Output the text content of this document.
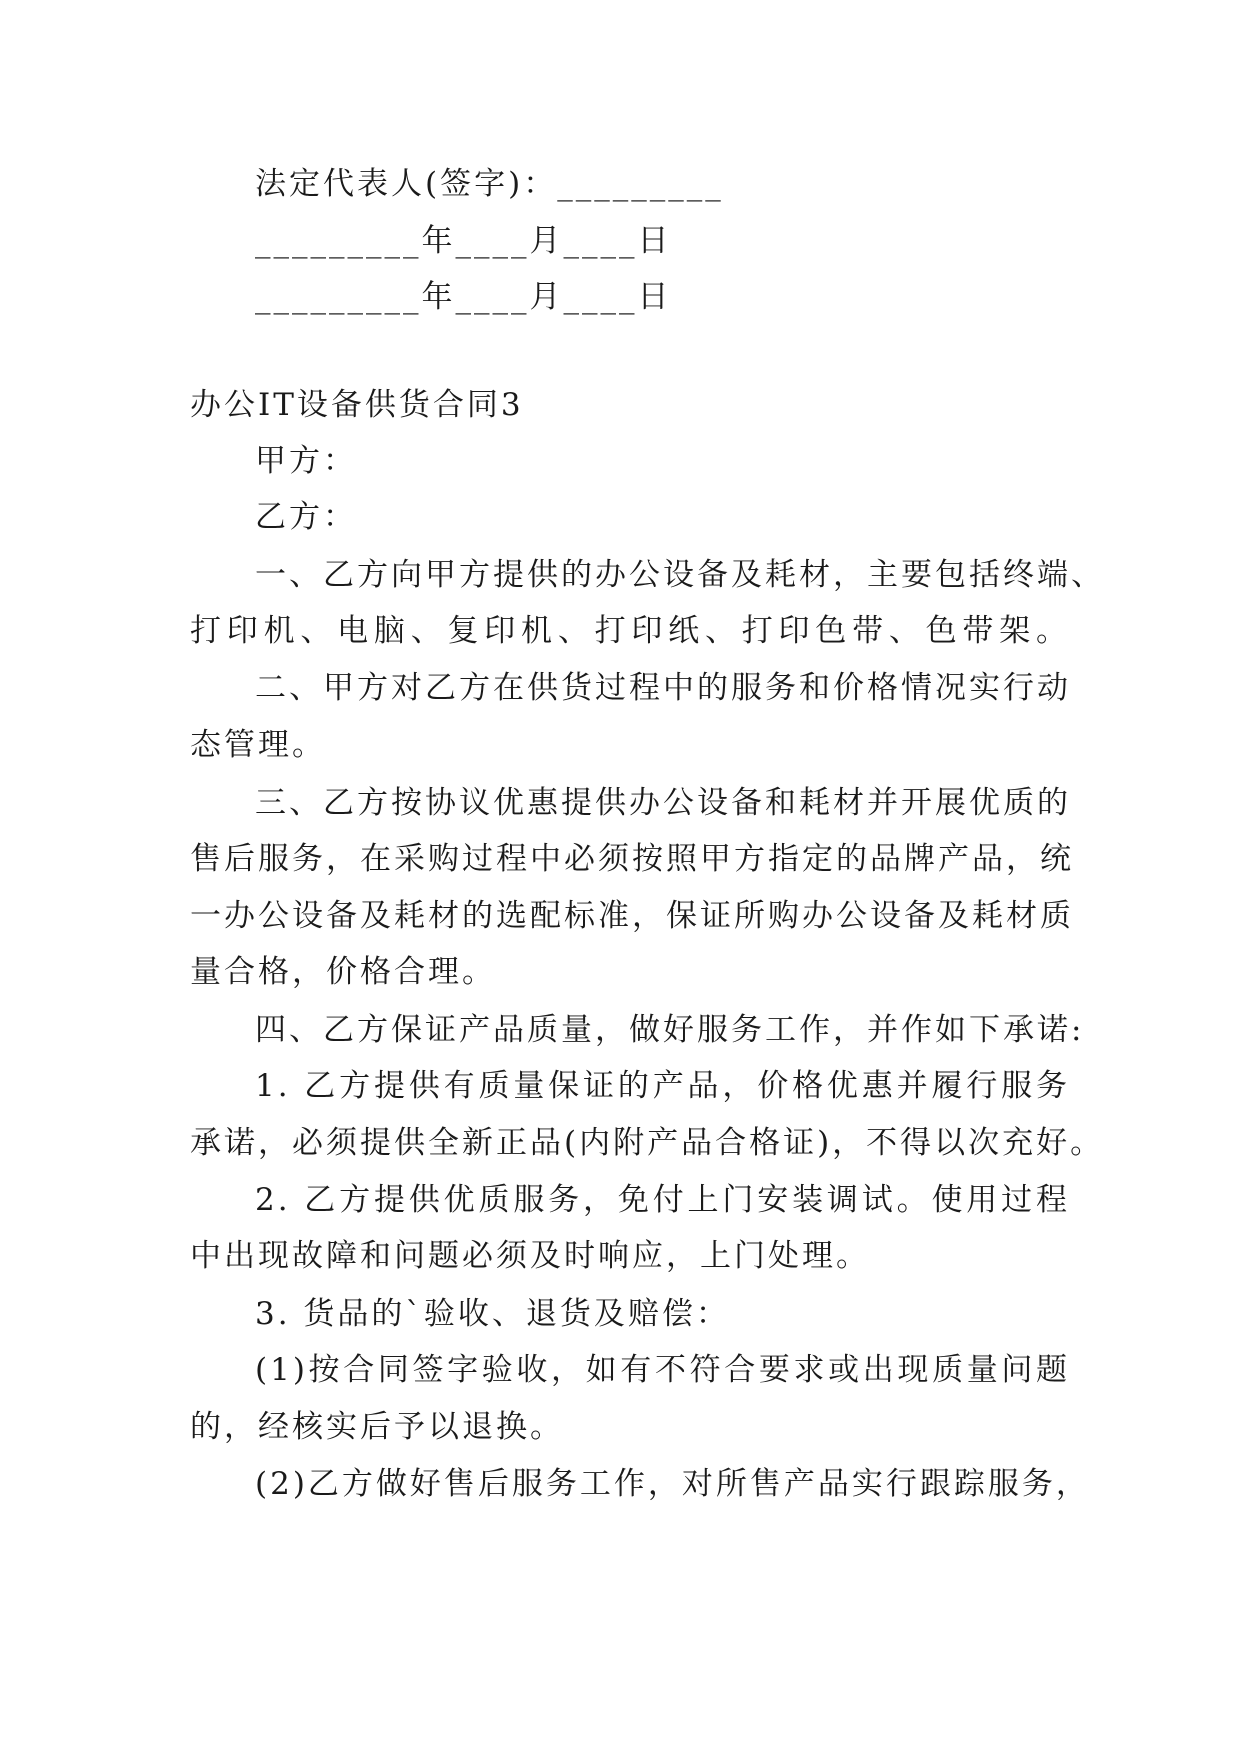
法定代表人(签字)：_________
_________年____月____日
_________年____月____日
办公IT设备供货合同3
甲方：
乙方：
一、乙方向甲方提供的办公设备及耗材，主要包括终端、
打印机、电脑、复印机、打印纸、打印色带、色带架。
二、甲方对乙方在供货过程中的服务和价格情况实行动
态管理。
三、乙方按协议优惠提供办公设备和耗材并开展优质的
售后服务，在采购过程中必须按照甲方指定的品牌产品，统
一办公设备及耗材的选配标准，保证所购办公设备及耗材质
量合格，价格合理。
四、乙方保证产品质量，做好服务工作，并作如下承诺:
1. 乙方提供有质量保证的产品，价格优惠并履行服务
承诺，必须提供全新正品(内附产品合格证)，不得以次充好。
2. 乙方提供优质服务，免付上门安装调试。使用过程
中出现故障和问题必须及时响应，上门处理。
3. 货品的`验收、退货及赔偿：
(1)按合同签字验收，如有不符合要求或出现质量问题
的，经核实后予以退换。
(2)乙方做好售后服务工作，对所售产品实行跟踪服务，
